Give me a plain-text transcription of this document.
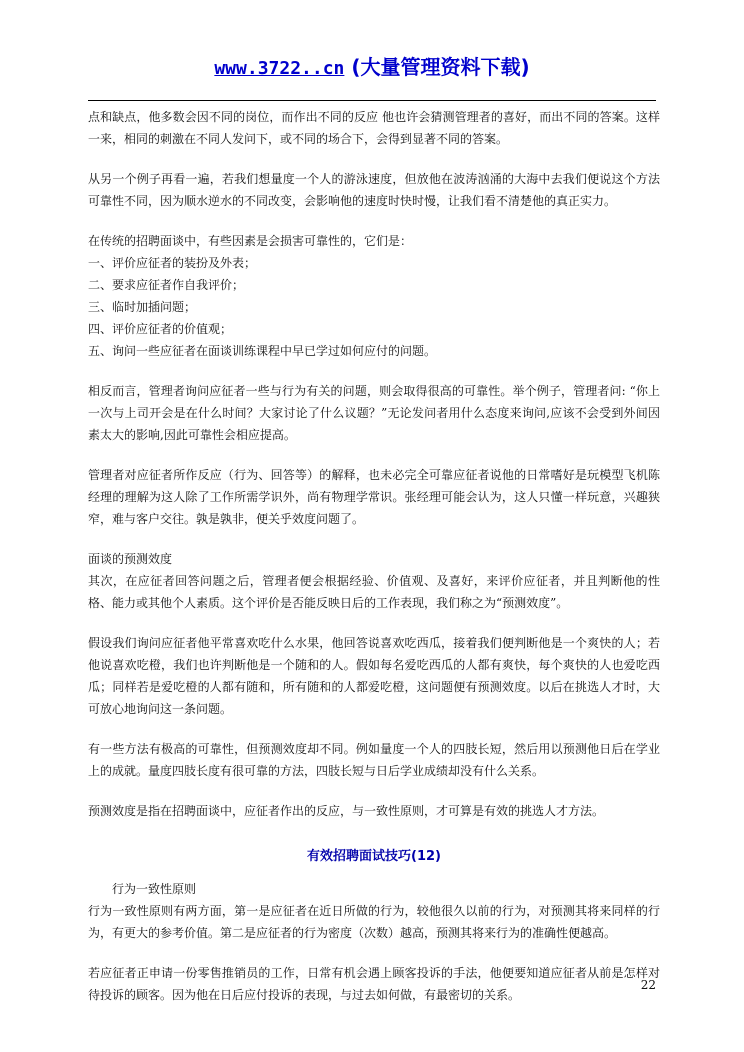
www.3722..cn (大量管理资料下载)

点和缺点，他多数会因不同的岗位，而作出不同的反应 他也许会猜测管理者的喜好，而出不同的答案。这样一来，相同的刺激在不同人发问下，或不同的场合下，会得到显著不同的答案。

从另一个例子再看一遍，若我们想量度一个人的游泳速度，但放他在波涛汹涌的大海中去我们便说这个方法可靠性不同，因为顺水逆水的不同改变，会影响他的速度时快时慢，让我们看不清楚他的真正实力。

在传统的招聘面谈中，有些因素是会损害可靠性的，它们是：

一、评价应征者的装扮及外表；

二、要求应征者作自我评价；

三、临时加插问题；

四、评价应征者的价值观；

五、询问一些应征者在面谈训练课程中早已学过如何应付的问题。

相反而言，管理者询问应征者一些与行为有关的问题，则会取得很高的可靠性。举个例子，管理者问: “你上一次与上司开会是在什么时间？大家讨论了什么议题？”无论发问者用什么态度来询问,应该不会受到外间因素太大的影响,因此可靠性会相应提高。

管理者对应征者所作反应（行为、回答等）的解释，也未必完全可靠应征者说他的日常嗜好是玩模型飞机陈经理的理解为这人除了工作所需学识外，尚有物理学常识。张经理可能会认为，这人只懂一样玩意，兴趣狭窄，难与客户交往。孰是孰非，便关乎效度问题了。

面谈的预测效度

其次，在应征者回答问题之后，管理者便会根据经验、价值观、及喜好，来评价应征者，并且判断他的性格、能力或其他个人素质。这个评价是否能反映日后的工作表现，我们称之为“预测效度”。

假设我们询问应征者他平常喜欢吃什么水果，他回答说喜欢吃西瓜，接着我们便判断他是一个爽快的人；若他说喜欢吃橙，我们也许判断他是一个随和的人。假如每名爱吃西瓜的人都有爽快，每个爽快的人也爱吃西瓜；同样若是爱吃橙的人都有随和，所有随和的人都爱吃橙，这问题便有预测效度。以后在挑选人才时，大可放心地询问这一条问题。

有一些方法有极高的可靠性，但预测效度却不同。例如量度一个人的四肢长短，然后用以预测他日后在学业上的成就。量度四肢长度有很可靠的方法，四肢长短与日后学业成绩却没有什么关系。

预测效度是指在招聘面谈中，应征者作出的反应，与一致性原则，才可算是有效的挑选人才方法。

有效招聘面试技巧(12)

行为一致性原则

行为一致性原则有两方面，第一是应征者在近日所做的行为，较他很久以前的行为，对预测其将来同样的行为，有更大的参考价值。第二是应征者的行为密度（次数）越高，预测其将来行为的准确性便越高。

若应征者正申请一份零售推销员的工作，日常有机会遇上顾客投诉的手法，他便要知道应征者从前是怎样对待投诉的顾客。因为他在日后应付投诉的表现，与过去如何做，有最密切的关系。

22
